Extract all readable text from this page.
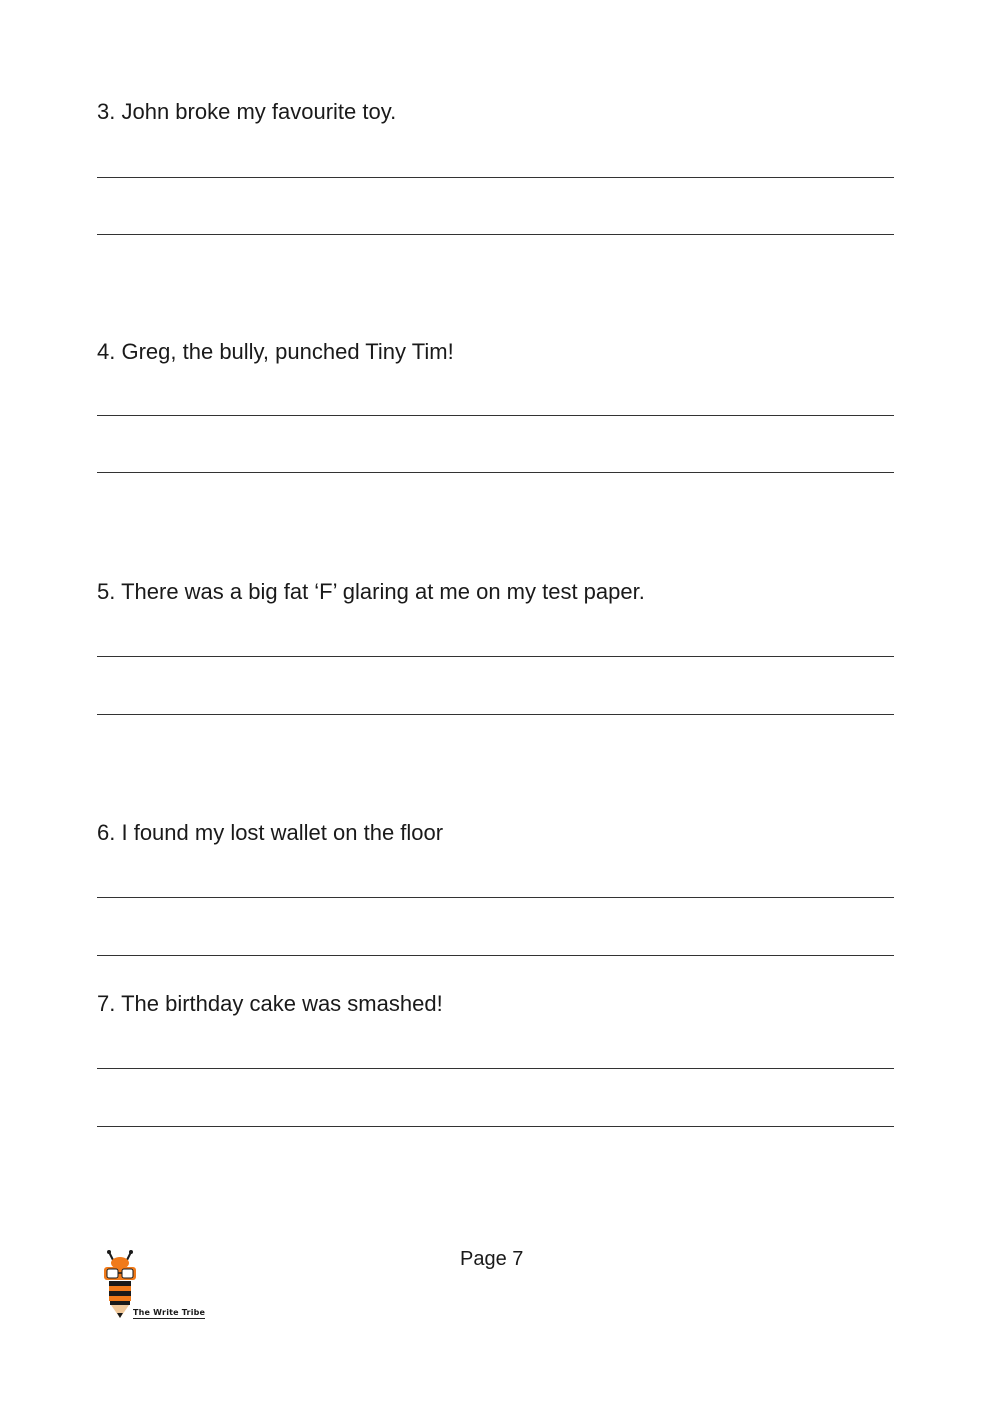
3. John broke my favourite toy.
4. Greg, the bully, punched Tiny Tim!
5. There was a big fat ‘F’ glaring at me on my test paper.
6. I found my lost wallet on the floor
7. The birthday cake was smashed!
Page 7
The Write Tribe
